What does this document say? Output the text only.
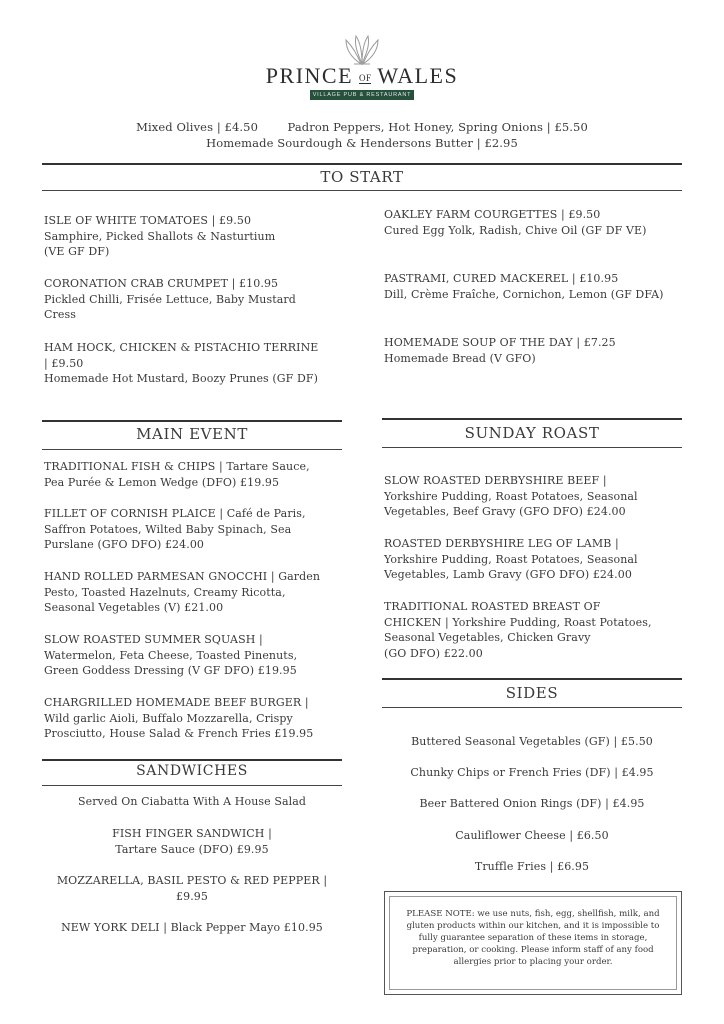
PRINCE  OF  WALES
VILLAGE PUB & RESTAURANT
Mixed Olives | £4.50	Padron Peppers, Hot Honey, Spring Onions | £5.50
Homemade Sourdough & Hendersons Butter | £2.95
TO START
ISLE OF WHITE TOMATOES | £9.50
Samphire, Picked Shallots & Nasturtium
(VE GF DF)
CORONATION CRAB CRUMPET | £10.95
Pickled Chilli, Frisée Lettuce, Baby Mustard
Cress
HAM HOCK, CHICKEN & PISTACHIO TERRINE
| £9.50
Homemade Hot Mustard, Boozy Prunes (GF DF)
OAKLEY FARM COURGETTES | £9.50
Cured Egg Yolk, Radish, Chive Oil (GF DF VE)
PASTRAMI, CURED MACKEREL | £10.95
Dill, Crème Fraîche, Cornichon, Lemon (GF DFA)
HOMEMADE SOUP OF THE DAY | £7.25
Homemade Bread (V GFO)
MAIN EVENT
TRADITIONAL FISH & CHIPS | Tartare Sauce,
Pea Purée & Lemon Wedge (DFO) £19.95
FILLET OF CORNISH PLAICE | Café de Paris,
Saffron Potatoes, Wilted Baby Spinach, Sea
Purslane (GFO DFO) £24.00
HAND ROLLED PARMESAN GNOCCHI | Garden
Pesto, Toasted Hazelnuts, Creamy Ricotta,
Seasonal Vegetables (V) £21.00
SLOW ROASTED SUMMER SQUASH |
Watermelon, Feta Cheese, Toasted Pinenuts,
Green Goddess Dressing (V GF DFO) £19.95
CHARGRILLED HOMEMADE BEEF BURGER |
Wild garlic Aioli, Buffalo Mozzarella, Crispy
Prosciutto, House Salad & French Fries £19.95
SUNDAY ROAST
SLOW ROASTED DERBYSHIRE BEEF |
Yorkshire Pudding, Roast Potatoes, Seasonal
Vegetables, Beef Gravy (GFO DFO) £24.00
ROASTED DERBYSHIRE LEG OF LAMB |
Yorkshire Pudding, Roast Potatoes, Seasonal
Vegetables, Lamb Gravy (GFO DFO) £24.00
TRADITIONAL ROASTED BREAST OF
CHICKEN | Yorkshire Pudding, Roast Potatoes,
Seasonal Vegetables, Chicken Gravy
(GO DFO) £22.00
SIDES
Buttered Seasonal Vegetables (GF) | £5.50
Chunky Chips or French Fries (DF) | £4.95
Beer Battered Onion Rings (DF) | £4.95
Cauliflower Cheese | £6.50
Truffle Fries | £6.95
SANDWICHES
Served On Ciabatta With A House Salad
FISH FINGER SANDWICH |
Tartare Sauce (DFO) £9.95
MOZZARELLA, BASIL PESTO & RED PEPPER |
£9.95
NEW YORK DELI | Black Pepper Mayo £10.95
PLEASE NOTE: we use nuts, fish, egg, shellfish, milk, and
gluten products within our kitchen, and it is impossible to
fully guarantee separation of these items in storage,
preparation, or cooking. Please inform staff of any food
allergies prior to placing your order.
